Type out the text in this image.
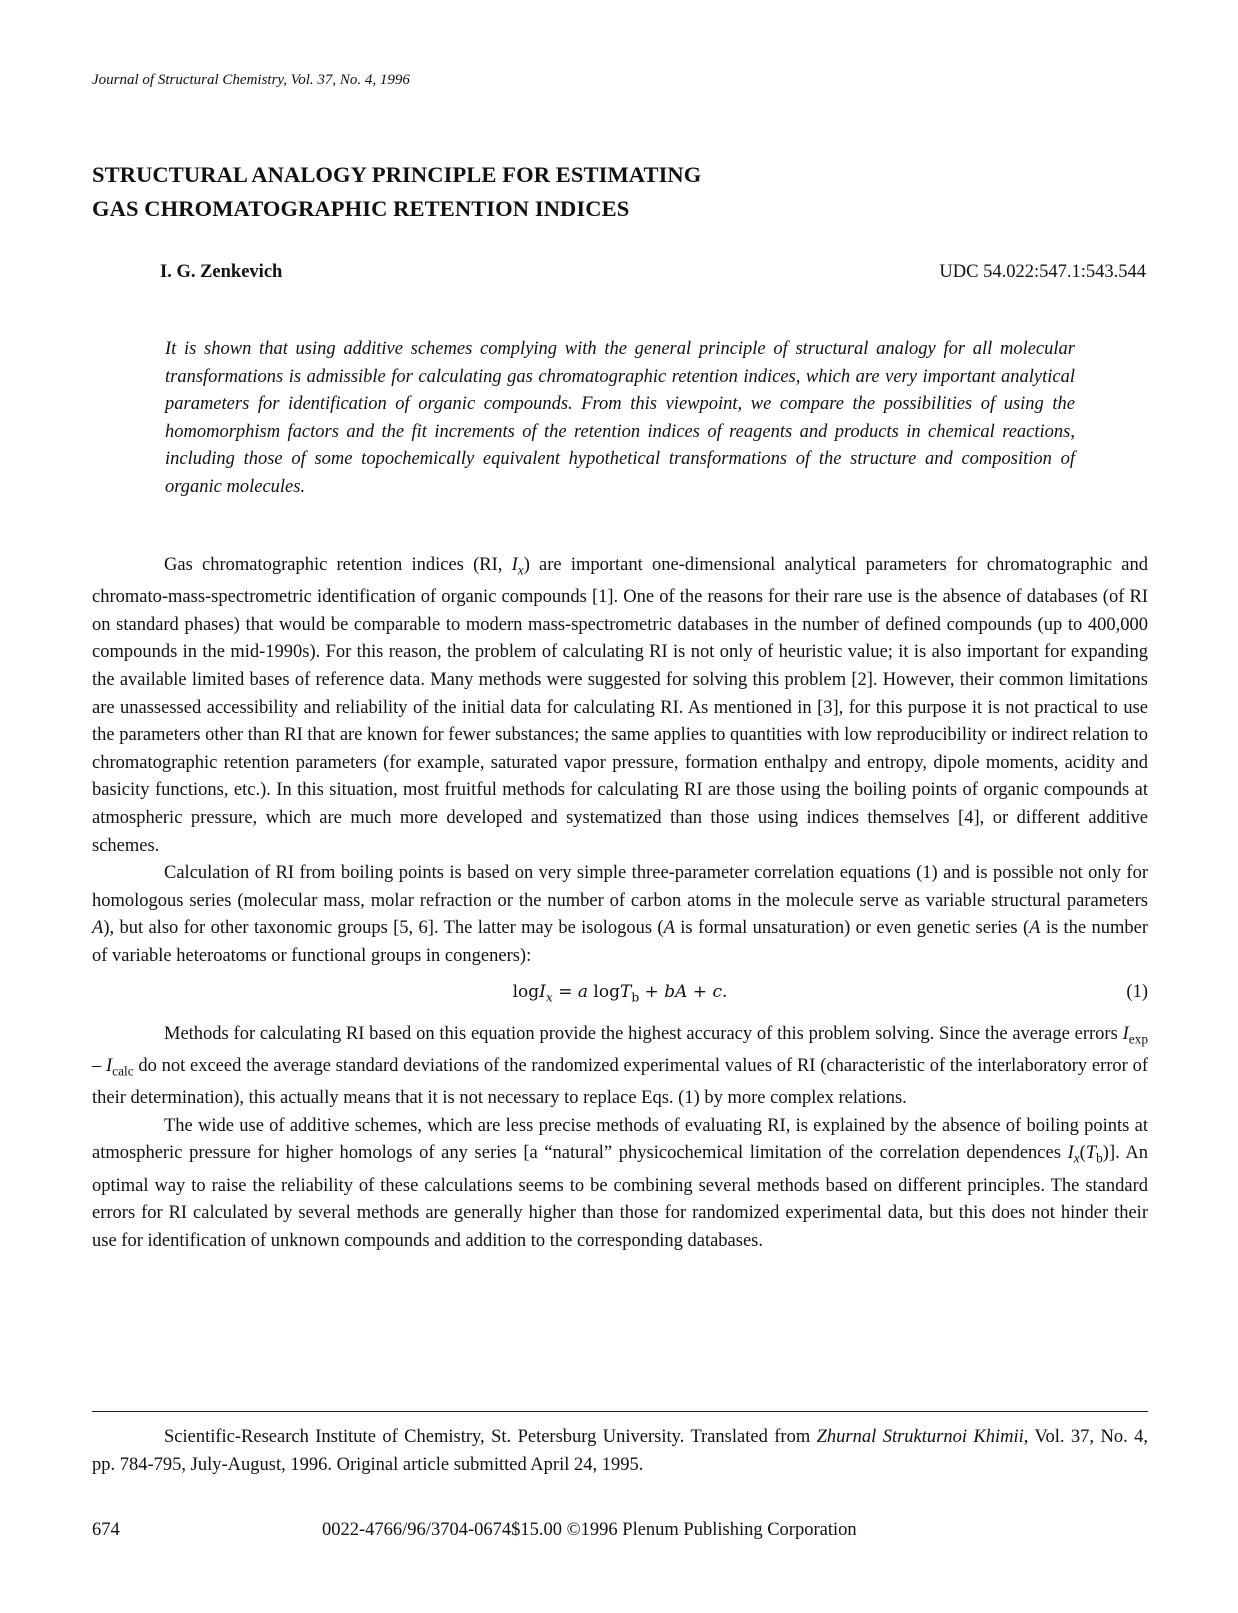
Journal of Structural Chemistry, Vol. 37, No. 4, 1996
STRUCTURAL ANALOGY PRINCIPLE FOR ESTIMATING
GAS CHROMATOGRAPHIC RETENTION INDICES
I. G. Zenkevich	UDC 54.022:547.1:543.544
It is shown that using additive schemes complying with the general principle of structural analogy for all molecular transformations is admissible for calculating gas chromatographic retention indices, which are very important analytical parameters for identification of organic compounds. From this viewpoint, we compare the possibilities of using the homomorphism factors and the fit increments of the retention indices of reagents and products in chemical reactions, including those of some topochemically equivalent hypothetical transformations of the structure and composition of organic molecules.

Gas chromatographic retention indices (RI, $I_x$) are important one-dimensional analytical parameters for chromatographic and chromato-mass-spectrometric identification of organic compounds [1]. One of the reasons for their rare use is the absence of databases (of RI on standard phases) that would be comparable to modern mass-spectrometric databases in the number of defined compounds (up to 400,000 compounds in the mid-1990s). For this reason, the problem of calculating RI is not only of heuristic value; it is also important for expanding the available limited bases of reference data. Many methods were suggested for solving this problem [2]. However, their common limitations are unassessed accessibility and reliability of the initial data for calculating RI. As mentioned in [3], for this purpose it is not practical to use the parameters other than RI that are known for fewer substances; the same applies to quantities with low reproducibility or indirect relation to chromatographic retention parameters (for example, saturated vapor pressure, formation enthalpy and entropy, dipole moments, acidity and basicity functions, etc.). In this situation, most fruitful methods for calculating RI are those using the boiling points of organic compounds at atmospheric pressure, which are much more developed and systematized than those using indices themselves [4], or different additive schemes.

Calculation of RI from boiling points is based on very simple three-parameter correlation equations (1) and is possible not only for homologous series (molecular mass, molar refraction or the number of carbon atoms in the molecule serve as variable structural parameters A), but also for other taxonomic groups [5, 6]. The latter may be isologous (A is formal unsaturation) or even genetic series (A is the number of variable heteroatoms or functional groups in congeners):

logI$_x$ = a logT$_b$ + bA + c.	(1)

Methods for calculating RI based on this equation provide the highest accuracy of this problem solving. Since the average errors $I_{exp} - I_{calc}$ do not exceed the average standard deviations of the randomized experimental values of RI (characteristic of the interlaboratory error of their determination), this actually means that it is not necessary to replace Eqs. (1) by more complex relations.

The wide use of additive schemes, which are less precise methods of evaluating RI, is explained by the absence of boiling points at atmospheric pressure for higher homologs of any series [a “natural” physicochemical limitation of the correlation dependences $I_x(T_b)$]. An optimal way to raise the reliability of these calculations seems to be combining several methods based on different principles. The standard errors for RI calculated by several methods are generally higher than those for randomized experimental data, but this does not hinder their use for identification of unknown compounds and addition to the corresponding databases.

Scientific-Research Institute of Chemistry, St. Petersburg University. Translated from Zhurnal Strukturnoi Khimii, Vol. 37, No. 4, pp. 784-795, July-August, 1996. Original article submitted April 24, 1995.

674	0022-4766/96/3704-0674$15.00 ©1996 Plenum Publishing Corporation
